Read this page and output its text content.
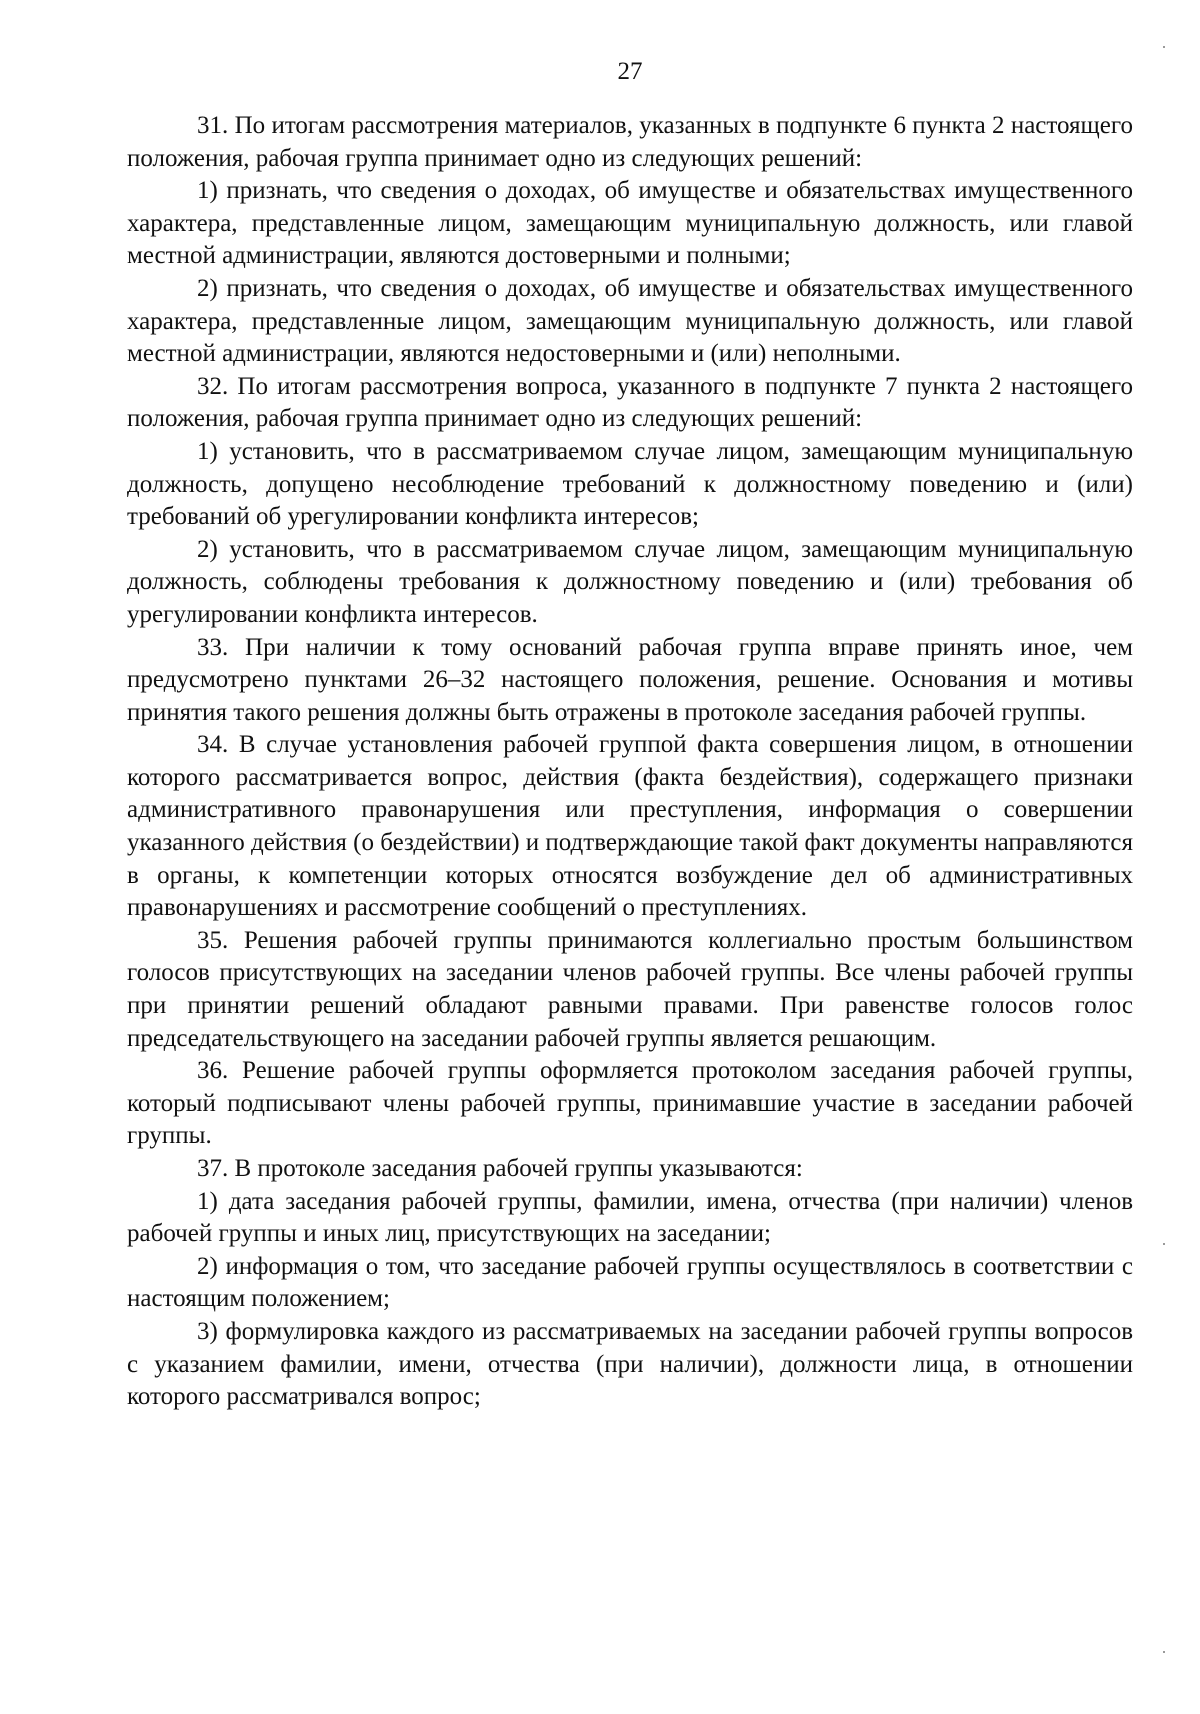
27

31. По итогам рассмотрения материалов, указанных в подпункте 6 пункта 2 настоящего положения, рабочая группа принимает одно из следующих решений:

1) признать, что сведения о доходах, об имуществе и обязательствах имущественного характера, представленные лицом, замещающим муниципальную должность, или главой местной администрации, являются достоверными и полными;

2) признать, что сведения о доходах, об имуществе и обязательствах имущественного характера, представленные лицом, замещающим муниципальную должность, или главой местной администрации, являются недостоверными и (или) неполными.

32. По итогам рассмотрения вопроса, указанного в подпункте 7 пункта 2 настоящего положения, рабочая группа принимает одно из следующих решений:

1) установить, что в рассматриваемом случае лицом, замещающим муниципальную должность, допущено несоблюдение требований к должностному поведению и (или) требований об урегулировании конфликта интересов;

2) установить, что в рассматриваемом случае лицом, замещающим муниципальную должность, соблюдены требования к должностному поведению и (или) требования об урегулировании конфликта интересов.

33. При наличии к тому оснований рабочая группа вправе принять иное, чем предусмотрено пунктами 26–32 настоящего положения, решение. Основания и мотивы принятия такого решения должны быть отражены в протоколе заседания рабочей группы.

34. В случае установления рабочей группой факта совершения лицом, в отношении которого рассматривается вопрос, действия (факта бездействия), содержащего признаки административного правонарушения или преступления, информация о совершении указанного действия (о бездействии) и подтверждающие такой факт документы направляются в органы, к компетенции которых относятся возбуждение дел об административных правонарушениях и рассмотрение сообщений о преступлениях.

35. Решения рабочей группы принимаются коллегиально простым большинством голосов присутствующих на заседании членов рабочей группы. Все члены рабочей группы при принятии решений обладают равными правами. При равенстве голосов голос председательствующего на заседании рабочей группы является решающим.

36. Решение рабочей группы оформляется протоколом заседания рабочей группы, который подписывают члены рабочей группы, принимавшие участие в заседании рабочей группы.

37. В протоколе заседания рабочей группы указываются:

1) дата заседания рабочей группы, фамилии, имена, отчества (при наличии) членов рабочей группы и иных лиц, присутствующих на заседании;

2) информация о том, что заседание рабочей группы осуществлялось в соответствии с настоящим положением;

3) формулировка каждого из рассматриваемых на заседании рабочей группы вопросов с указанием фамилии, имени, отчества (при наличии), должности лица, в отношении которого рассматривался вопрос;
